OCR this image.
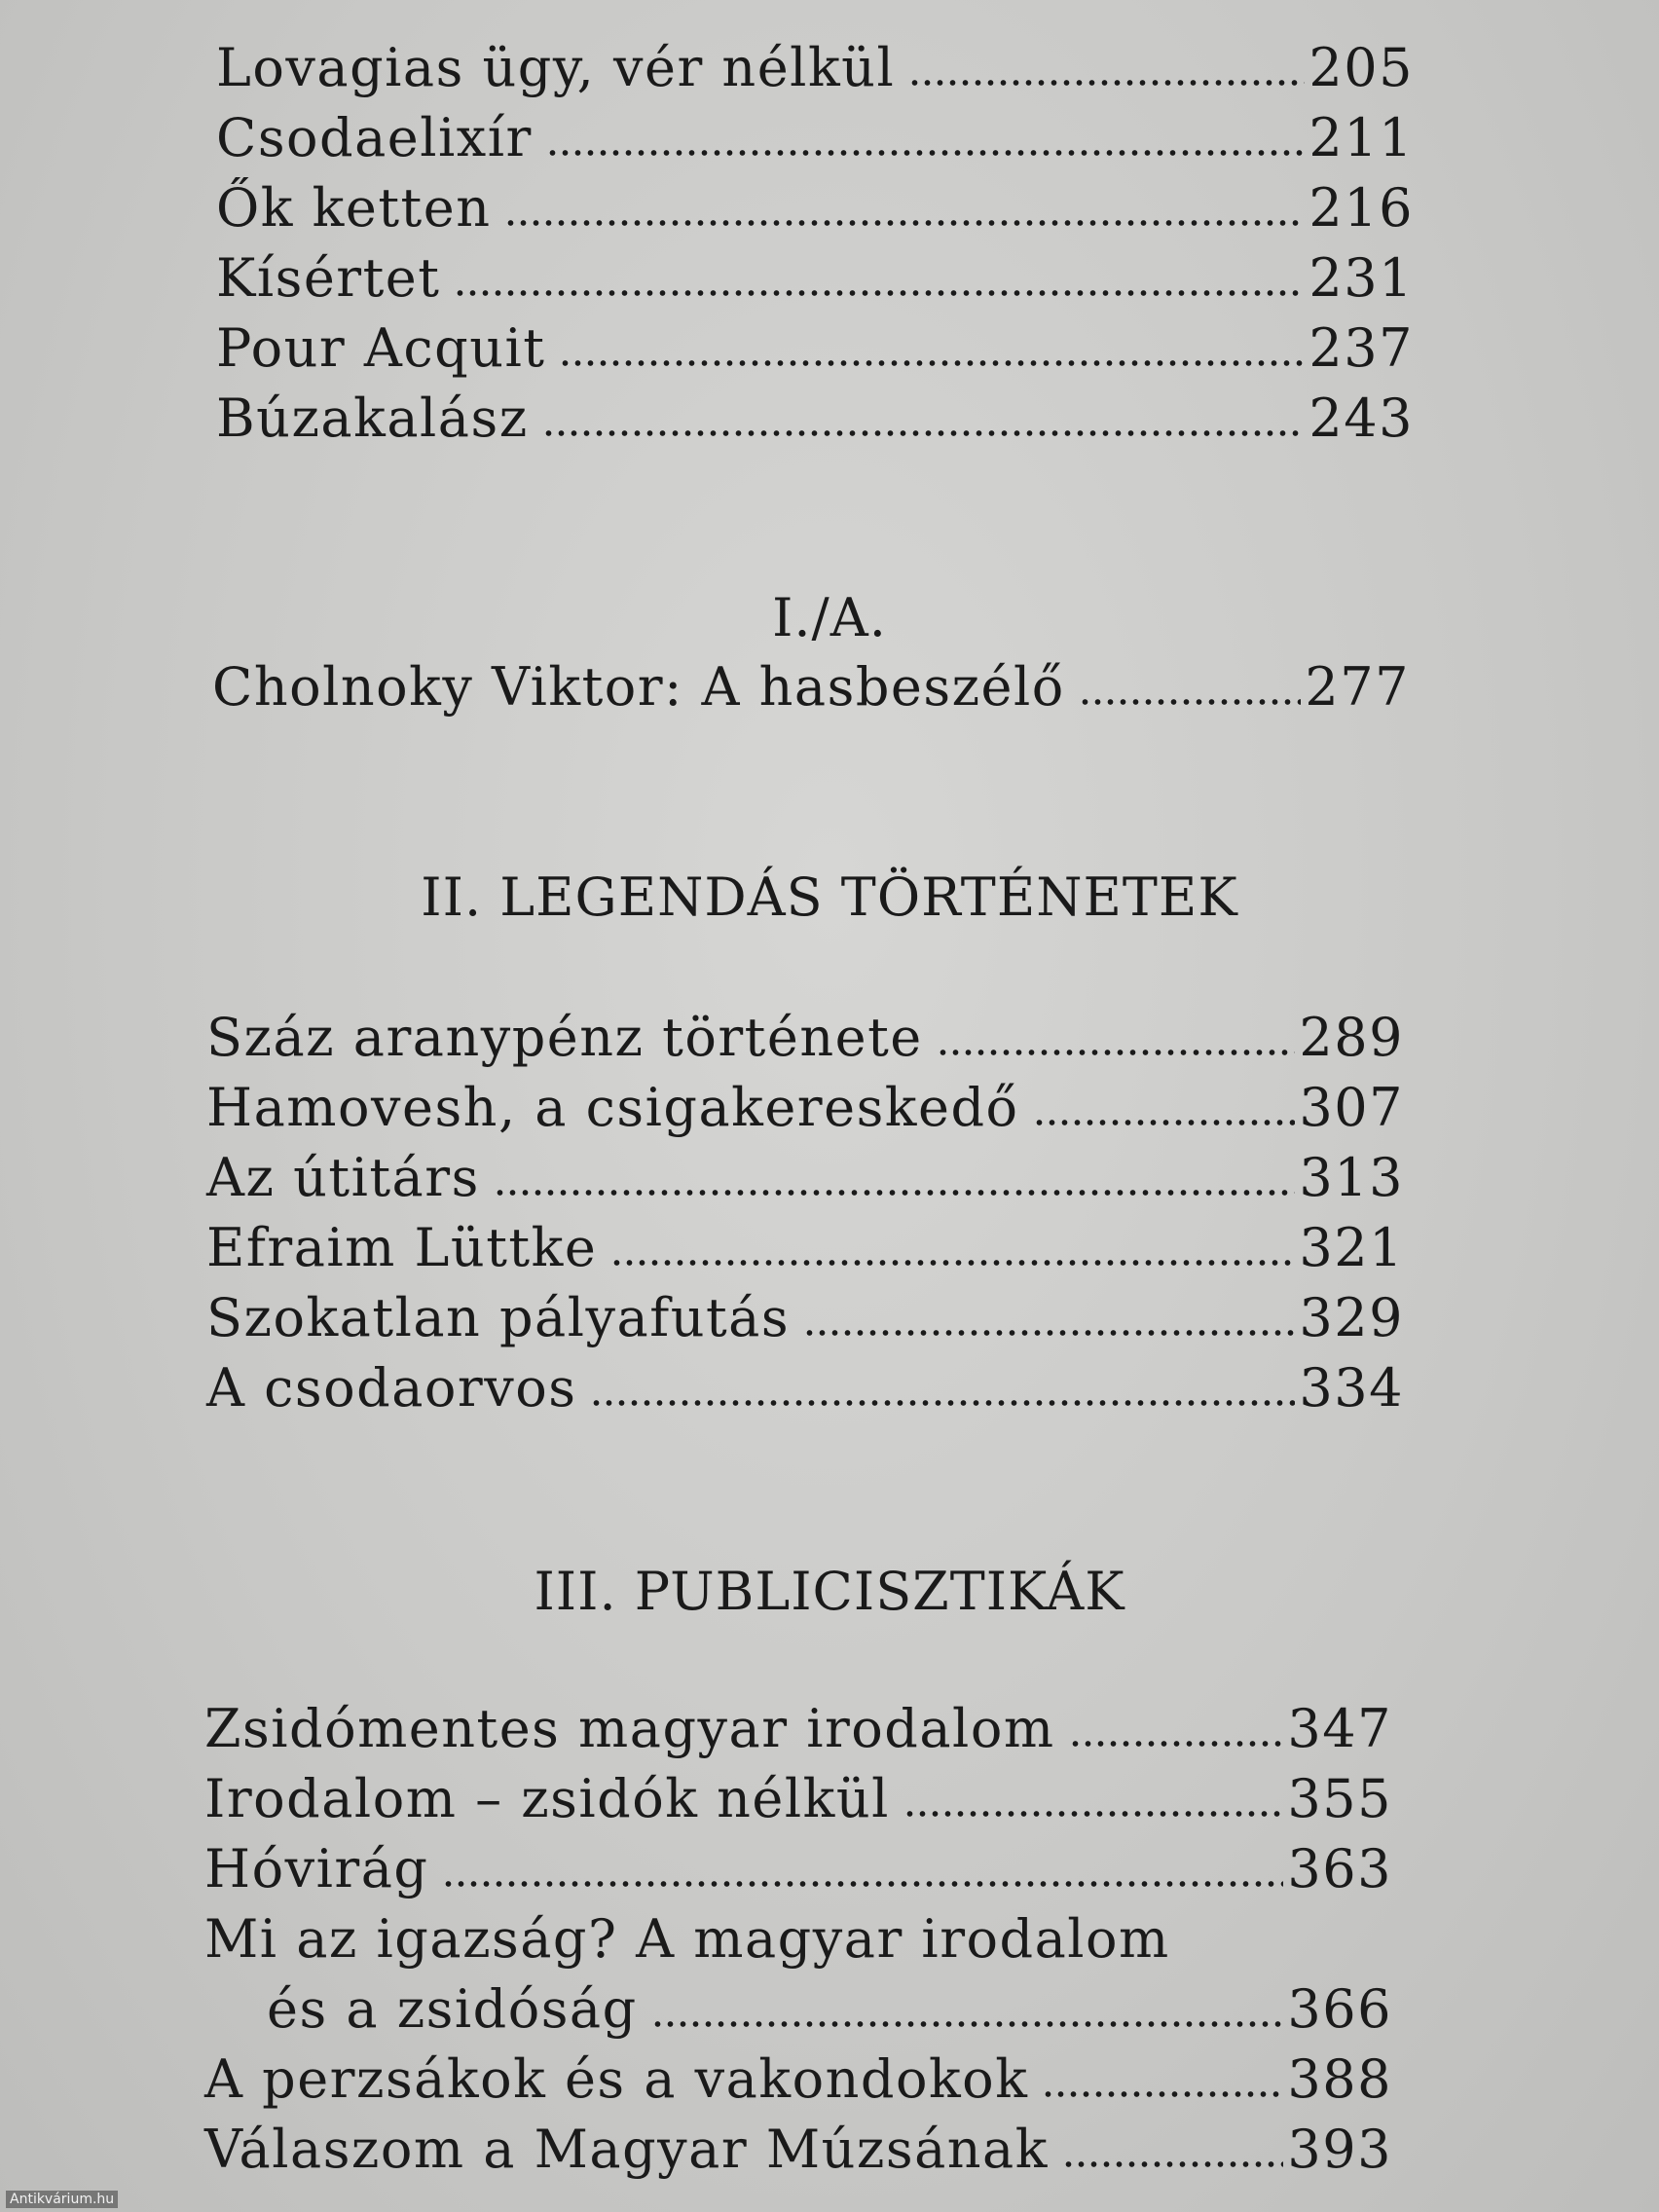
Lovagias ügy, vér nélkül	205
Csodaelixír	211
Ők ketten	216
Kísértet	231
Pour Acquit	237
Búzakalász	243
I./A.
Cholnoky Viktor: A hasbeszélő	277
II. LEGENDÁS TÖRTÉNETEK
Száz aranypénz története	289
Hamovesh, a csigakereskedő	307
Az útitárs	313
Efraim Lüttke	321
Szokatlan pályafutás	329
A csodaorvos	334
III. PUBLICISZTIKÁK
Zsidómentes magyar irodalom	347
Irodalom – zsidók nélkül	355
Hóvirág	363
Mi az igazság? A magyar irodalom
és a zsidóság	366
A perzsákok és a vakondokok	388
Válaszom a Magyar Múzsának	393
Antikvárium.hu
